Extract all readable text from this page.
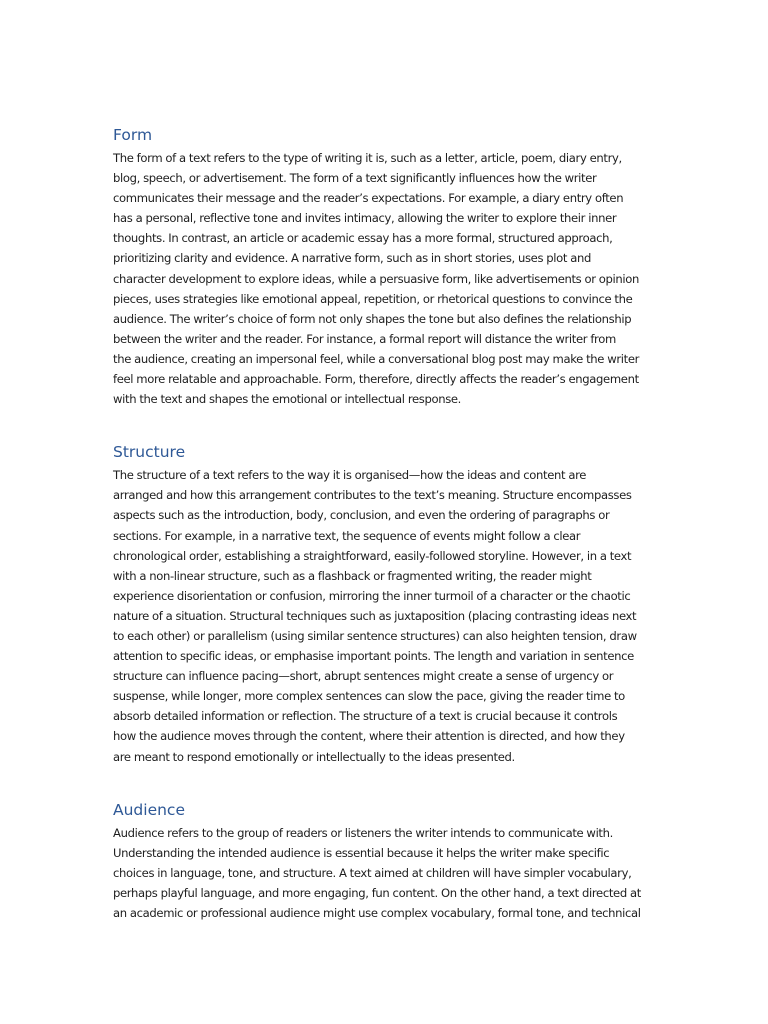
Form

The form of a text refers to the type of writing it is, such as a letter, article, poem, diary entry,
blog, speech, or advertisement. The form of a text significantly influences how the writer
communicates their message and the reader’s expectations. For example, a diary entry often
has a personal, reflective tone and invites intimacy, allowing the writer to explore their inner
thoughts. In contrast, an article or academic essay has a more formal, structured approach,
prioritizing clarity and evidence. A narrative form, such as in short stories, uses plot and
character development to explore ideas, while a persuasive form, like advertisements or opinion
pieces, uses strategies like emotional appeal, repetition, or rhetorical questions to convince the
audience. The writer’s choice of form not only shapes the tone but also defines the relationship
between the writer and the reader. For instance, a formal report will distance the writer from
the audience, creating an impersonal feel, while a conversational blog post may make the writer
feel more relatable and approachable. Form, therefore, directly affects the reader’s engagement
with the text and shapes the emotional or intellectual response.

Structure

The structure of a text refers to the way it is organised—how the ideas and content are
arranged and how this arrangement contributes to the text’s meaning. Structure encompasses
aspects such as the introduction, body, conclusion, and even the ordering of paragraphs or
sections. For example, in a narrative text, the sequence of events might follow a clear
chronological order, establishing a straightforward, easily-followed storyline. However, in a text
with a non-linear structure, such as a flashback or fragmented writing, the reader might
experience disorientation or confusion, mirroring the inner turmoil of a character or the chaotic
nature of a situation. Structural techniques such as juxtaposition (placing contrasting ideas next
to each other) or parallelism (using similar sentence structures) can also heighten tension, draw
attention to specific ideas, or emphasise important points. The length and variation in sentence
structure can influence pacing—short, abrupt sentences might create a sense of urgency or
suspense, while longer, more complex sentences can slow the pace, giving the reader time to
absorb detailed information or reflection. The structure of a text is crucial because it controls
how the audience moves through the content, where their attention is directed, and how they
are meant to respond emotionally or intellectually to the ideas presented.

Audience

Audience refers to the group of readers or listeners the writer intends to communicate with.
Understanding the intended audience is essential because it helps the writer make specific
choices in language, tone, and structure. A text aimed at children will have simpler vocabulary,
perhaps playful language, and more engaging, fun content. On the other hand, a text directed at
an academic or professional audience might use complex vocabulary, formal tone, and technical
